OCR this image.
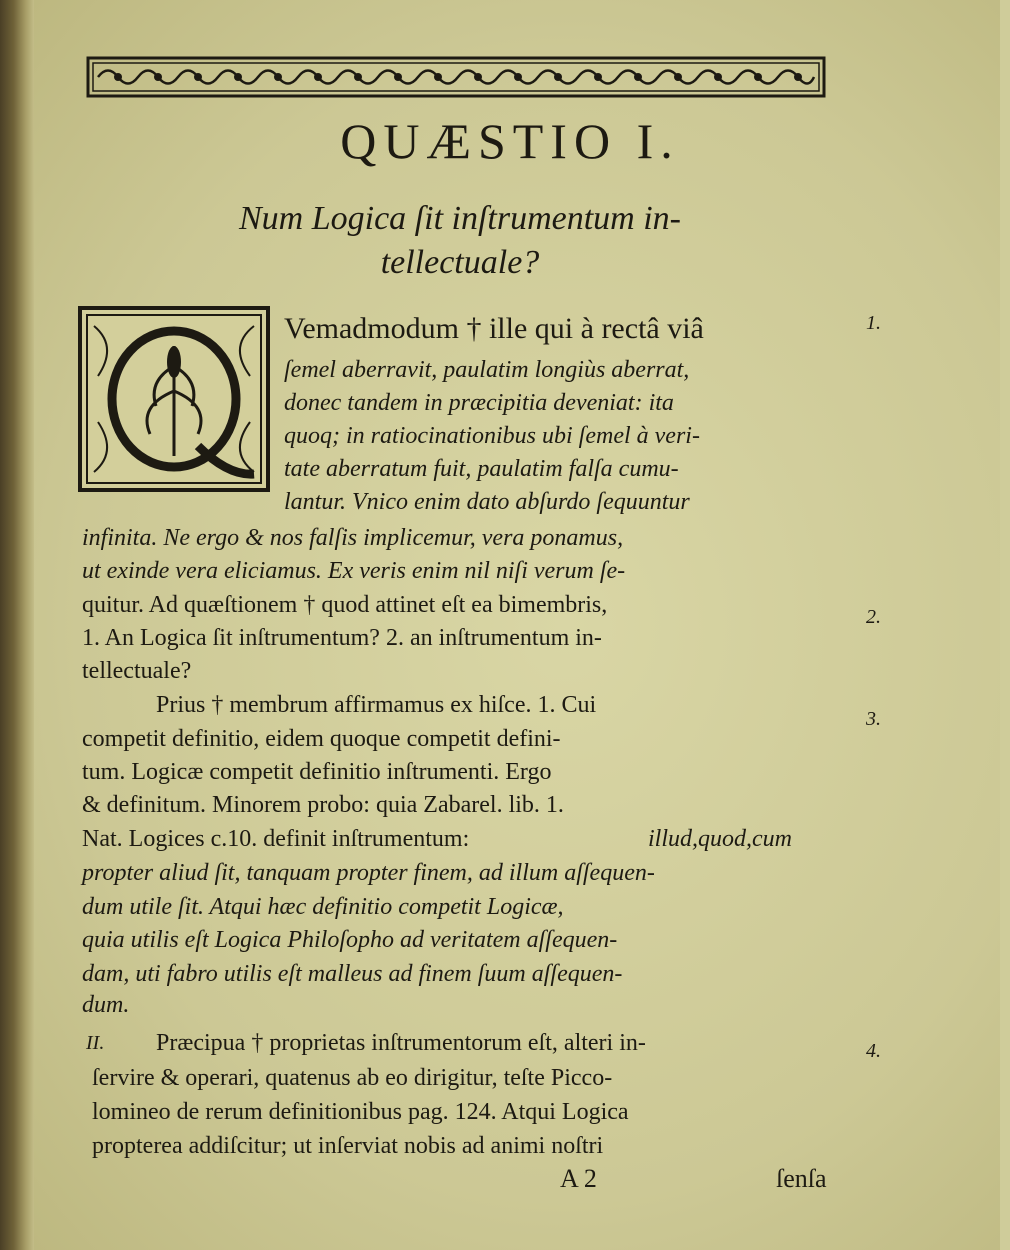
QUÆSTIO I.
Num Logica ſit inſtrumentum in-
tellectuale?
Vemadmodum † ille qui à rectâ viâ
ſemel aberravit, paulatim longiùs aberrat,
donec tandem in præcipitia deveniat: ita
quoq; in ratiocinationibus ubi ſemel à veri-
tate aberratum fuit, paulatim falſa cumu-
lantur. Vnico enim dato abſurdo ſequuntur
infinita. Ne ergo & nos falſis implicemur, vera ponamus,
ut exinde vera eliciamus. Ex veris enim nil niſi verum ſe-
quitur. Ad quæſtionem † quod attinet eſt ea bimembris,
1. An Logica ſit inſtrumentum? 2. an inſtrumentum in-
tellectuale?
Prius † membrum affirmamus ex hiſce. 1. Cui
competit definitio, eidem quoque competit defini-
tum. Logicæ competit definitio inſtrumenti. Ergo
& definitum. Minorem probo: quia Zabarel. lib. 1.
Nat. Logices c.10. definit inſtrumentum:	illud,quod,cum
propter aliud ſit, tanquam propter finem, ad illum aſſequen-
dum utile ſit. Atqui hæc definitio competit Logicæ,
quia utilis eſt Logica Philoſopho ad veritatem aſſequen-
dam, uti fabro utilis eſt malleus ad finem ſuum aſſequen-
dum.
II. Præcipua † proprietas inſtrumentorum eſt, alteri in-
ſervire & operari, quatenus ab eo dirigitur, teſte Picco-
lomineo de rerum definitionibus pag. 124. Atqui Logica
propterea addiſcitur; ut inſerviat nobis ad animi noſtri
1.
2.
3.
4.
A 2	ſenſa
